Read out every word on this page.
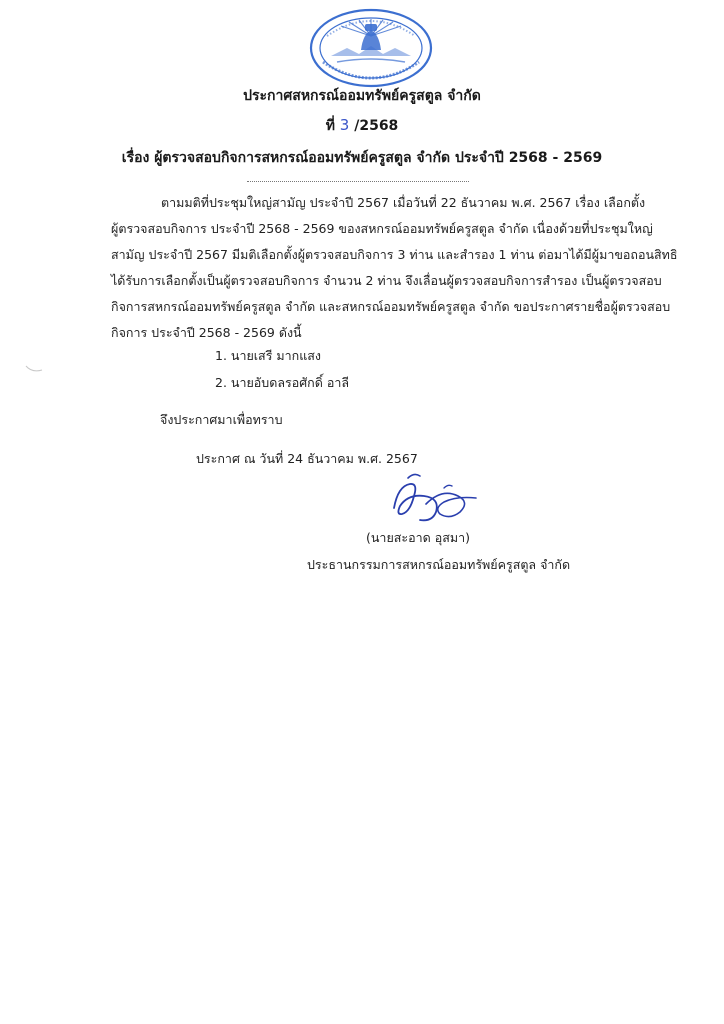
ประกาศสหกรณ์ออมทรัพย์ครูสตูล จำกัด
ที่ 3 /2568
เรื่อง ผู้ตรวจสอบกิจการสหกรณ์ออมทรัพย์ครูสตูล จำกัด ประจำปี 2568 - 2569
ตามมติที่ประชุมใหญ่สามัญ ประจำปี 2567 เมื่อวันที่ 22 ธันวาคม พ.ศ. 2567 เรื่อง เลือกตั้ง
ผู้ตรวจสอบกิจการ ประจำปี 2568 - 2569 ของสหกรณ์ออมทรัพย์ครูสตูล จำกัด เนื่องด้วยที่ประชุมใหญ่
สามัญ ประจำปี 2567 มีมติเลือกตั้งผู้ตรวจสอบกิจการ 3 ท่าน และสำรอง 1 ท่าน ต่อมาได้มีผู้มาขอถอนสิทธิ
ได้รับการเลือกตั้งเป็นผู้ตรวจสอบกิจการ จำนวน 2 ท่าน จึงเลื่อนผู้ตรวจสอบกิจการสำรอง เป็นผู้ตรวจสอบ
กิจการสหกรณ์ออมทรัพย์ครูสตูล จำกัด และสหกรณ์ออมทรัพย์ครูสตูล จำกัด ขอประกาศรายชื่อผู้ตรวจสอบ
กิจการ ประจำปี 2568 - 2569 ดังนี้
1. นายเสรี มากแสง
2. นายอับดลรอศักดิ์ อาลี
จึงประกาศมาเพื่อทราบ
ประกาศ ณ วันที่ 24 ธันวาคม พ.ศ. 2567
(นายสะอาด อุสมา)
ประธานกรรมการสหกรณ์ออมทรัพย์ครูสตูล จำกัด
